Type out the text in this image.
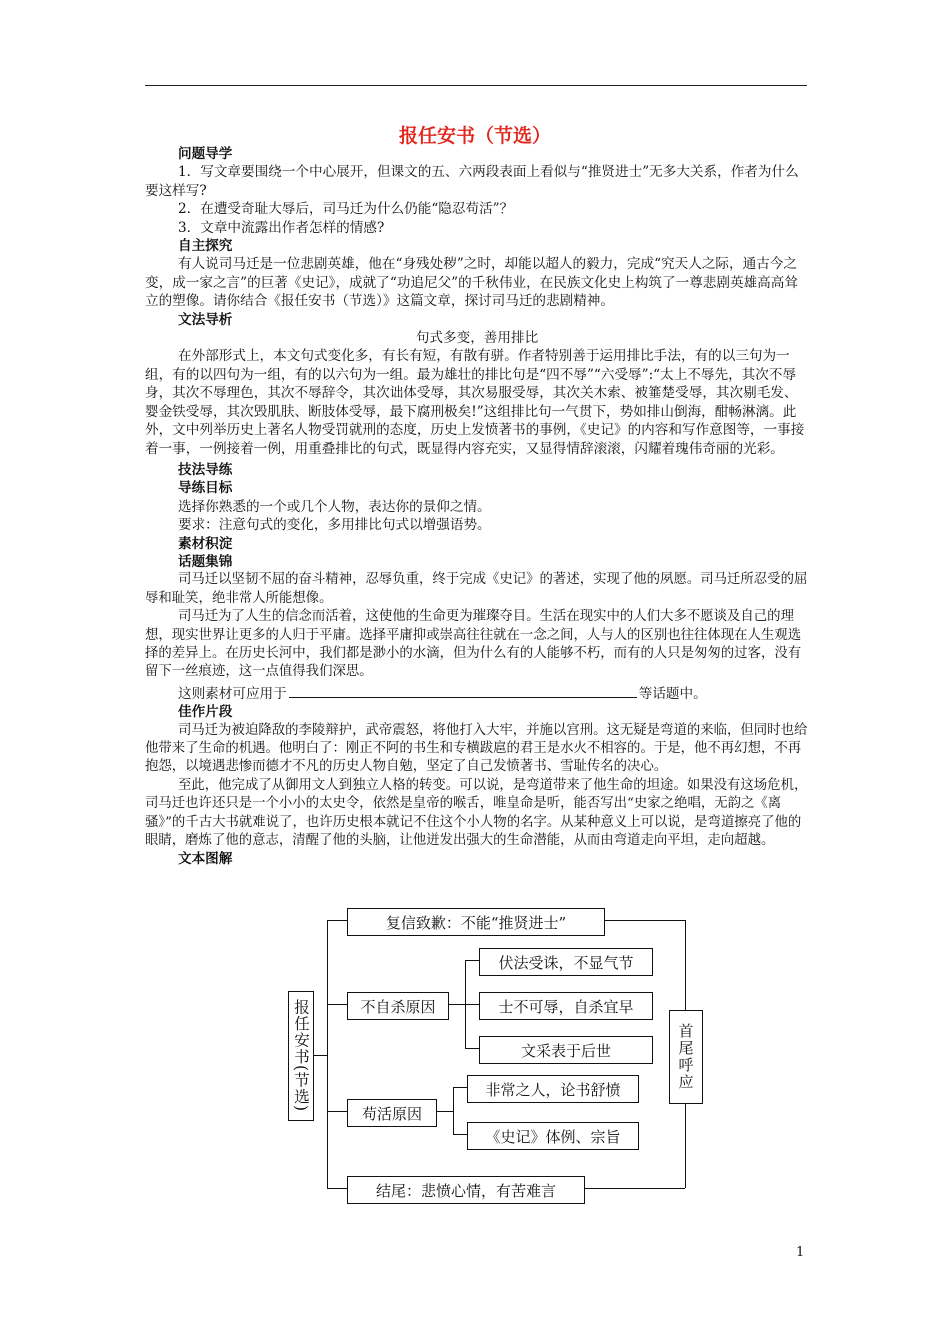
报任安书（节选）

问题导学

1．写文章要围绕一个中心展开，但课文的五、六两段表面上看似与“推贤进士”无多大关系，作者为什么要这样写?

2．在遭受奇耻大辱后，司马迁为什么仍能“隐忍苟活”？

3．文章中流露出作者怎样的情感?

自主探究

有人说司马迁是一位悲剧英雄，他在“身残处秽”之时，却能以超人的毅力，完成“究天人之际，通古今之变，成一家之言”的巨著《史记》，成就了“功追尼父”的千秋伟业，在民族文化史上构筑了一尊悲剧英雄高高耸立的塑像。请你结合《报任安书（节选）》这篇文章，探讨司马迁的悲剧精神。

文法导析

句式多变，善用排比

在外部形式上，本文句式变化多，有长有短，有散有骈。作者特别善于运用排比手法，有的以三句为一组，有的以四句为一组，有的以六句为一组。最为雄壮的排比句是“四不辱”“六受辱”:“太上不辱先，其次不辱身，其次不辱理色，其次不辱辞令，其次诎体受辱，其次易服受辱，其次关木索、被箠楚受辱，其次剔毛发、婴金铁受辱，其次毁肌肤、断肢体受辱，最下腐刑极矣!”这组排比句一气贯下，势如排山倒海，酣畅淋漓。此外，文中列举历史上著名人物受罚就刑的态度，历史上发愤著书的事例，《史记》的内容和写作意图等，一事接着一事，一例接着一例，用重叠排比的句式，既显得内容充实，又显得情辞滚滚，闪耀着瑰伟奇丽的光彩。

技法导练

导练目标

选择你熟悉的一个或几个人物，表达你的景仰之情。

要求：注意句式的变化，多用排比句式以增强语势。

素材积淀

话题集锦

司马迁以坚韧不屈的奋斗精神，忍辱负重，终于完成《史记》的著述，实现了他的夙愿。司马迁所忍受的屈辱和耻笑，绝非常人所能想像。

司马迁为了人生的信念而活着，这使他的生命更为璀璨夺目。生活在现实中的人们大多不愿谈及自己的理想，现实世界让更多的人归于平庸。选择平庸抑或崇高往往就在一念之间，人与人的区别也往往体现在人生观选择的差异上。在历史长河中，我们都是渺小的水滴，但为什么有的人能够不朽，而有的人只是匆匆的过客，没有留下一丝痕迹，这一点值得我们深思。

这则素材可应用于	等话题中。

佳作片段

司马迁为被迫降敌的李陵辩护，武帝震怒，将他打入大牢，并施以宫刑。这无疑是弯道的来临，但同时也给他带来了生命的机遇。他明白了：刚正不阿的书生和专横跋扈的君王是水火不相容的。于是，他不再幻想，不再抱怨，以境遇悲惨而德才不凡的历史人物自勉，坚定了自己发愤著书、雪耻传名的决心。

至此，他完成了从御用文人到独立人格的转变。可以说，是弯道带来了他生命的坦途。如果没有这场危机，司马迁也许还只是一个小小的太史令，依然是皇帝的喉舌，唯皇命是听，能否写出“史家之绝唱，无韵之《离骚》”的千古大书就难说了，也许历史根本就记不住这个小人物的名字。从某种意义上可以说，是弯道擦亮了他的眼睛，磨炼了他的意志，清醒了他的头脑，让他迸发出强大的生命潜能，从而由弯道走向平坦，走向超越。

文本图解

报任安书(节选)
复信致歉：不能“推贤进士”
不自杀原因
伏法受诛，不显气节
士不可辱，自杀宜早
文采表于后世
苟活原因
非常之人，论书舒愤
《史记》体例、宗旨
结尾：悲愤心情，有苦难言
首尾呼应
1
